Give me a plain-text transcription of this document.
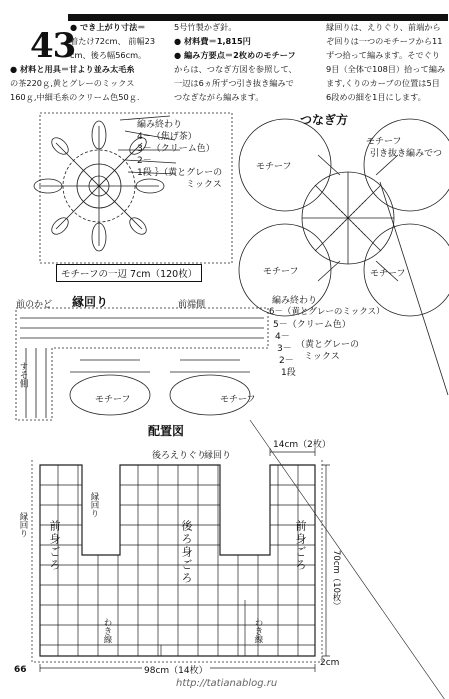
43
● でき上がり寸法＝
着たけ72cm、 前幅23
cm、後ろ幅56cm。
● 材料と用具＝甘より並み太毛糸
の茶220ｇ,黄とグレーのミックス
160ｇ,中細毛糸のクリーム色50ｇ.
5号竹製かぎ針。
● 材料費＝1,815円
● 編み方要点＝2枚めのモチーフ
からは、つなぎ方図を参照して、
一辺は6ヵ所ずつ引き抜き編みで
つなぎながら編みます。
縁回りは、えりぐり、前端から
ぞ回りは一つのモチーフから11
ずつ拾って編みます。そでぐり
9目（全体で108目）拾って編み
ます,くりのカーブの位置は5目
6段めの細を1目にします。
編み終わり
4－（焦げ茶）
3－（クリーム色）
2－
1段 ｝（黄とグレーの
ミックス
モチーフの一辺 7cm（120枚）
つなぎ方
モチーフ
モチーフ
引き抜き編みでつ
モチーフ	モチーフ
縁回り
前のかど	前端側
すそ側
モチーフ	モチーフ
編み終わり
6－（黄とグレーのミックス）
5－（クリーム色）
4－
3－
2－
1段
（黄とグレーの
ミックス
配置図
後ろえりぐり
縁回り
14cm（2枚）
縁回り
縁回り
前身ごろ	後ろ身ごろ	前身ごろ
わき線	わき線
70cm（10枚）
98cm（14枚）
2cm
66
http://tatianablog.ru
